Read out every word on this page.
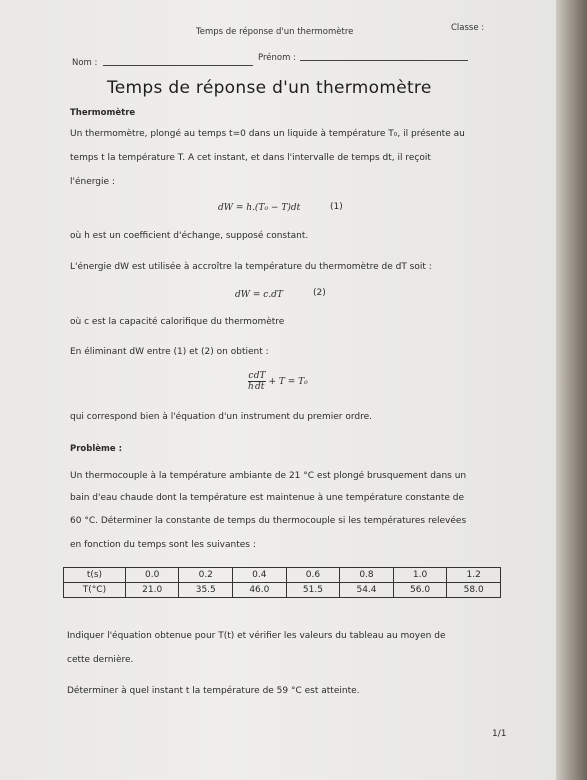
Temps de réponse d'un thermomètre	Classe :
Nom :	Prénom :
Temps de réponse d'un thermomètre
Thermomètre
Un thermomètre, plongé au temps t=0 dans un liquide à température T₀, il présente au
temps t la température T. A cet instant, et dans l'intervalle de temps dt, il reçoit
l'énergie :
dW = h.(T₀ − T)dt	(1)
où h est un coefficient d'échange, supposé constant.
L'énergie dW est utilisée à accroître la température du thermomètre de dT soit :
dW = c.dT	(2)
où c est la capacité calorifique du thermomètre
En éliminant dW entre (1) et (2) on obtient :
$\frac{c}{h} \frac{dT}{dt} + T = T_0$
qui correspond bien à l'équation d'un instrument du premier ordre.
Problème :
Un thermocouple à la température ambiante de 21 °C est plongé brusquement dans un
bain d'eau chaude dont la température est maintenue à une température constante de
60 °C. Déterminer la constante de temps du thermocouple si les températures relevées
en fonction du temps sont les suivantes :
t(s)	0.0	0.2	0.4	0.6	0.8	1.0	1.2
T(°C)	21.0	35.5	46.0	51.5	54.4	56.0	58.0
Indiquer l'équation obtenue pour T(t) et vérifier les valeurs du tableau au moyen de
cette dernière.
Déterminer à quel instant t la température de 59 °C est atteinte.
1/1
